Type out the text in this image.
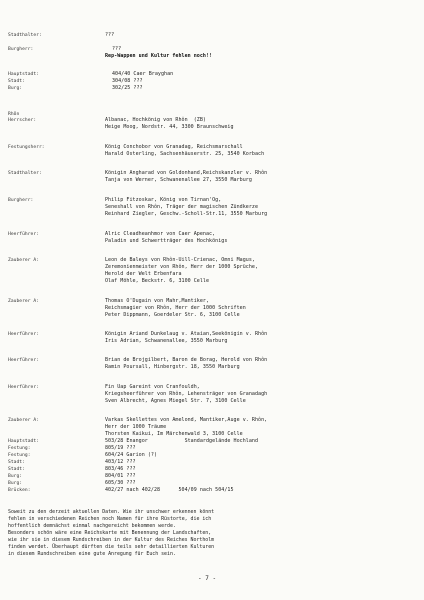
Stadthalter:	???
Burgherr:	???
Rep-Wappen und Kultur fehlen noch!!
Hauptstadt:	404/40 Caer Brayghan
Stadt:	304/08 ???
Burg:	302/25 ???
Rhôn
Herrscher:	Albanac, Hochkönig von Rhôn  (ZB)
Heige Moog, Nordstr. 44, 3300 Braunschweig
Festungsherr:	König Conchobor von Granadag, Reichsmarschall
Harald Osterling, Sachsenhäuserstr. 25, 3540 Korbach
Stadthalter:	Königin Angharad von Goldonhand,Reichskanzler v. Rhôn
Tanja von Werner, Schwanenallee 27, 3550 Marburg
Burgherr:	Philip Fitzoskar, König von Tirnan'Og,
Seneshall von Rhôn, Träger der magischen Zündkerze
Reinhard Ziegler, Geschw.-Scholl-Str.11, 3550 Marburg
Heerführer:	Alric Cleadheanhmor von Caer Apenac,
Paladin und Schwertträger des Hochkönigs
Zauberer A:	Leon de Baleys von Rhôn-Uill-Crienac, Omni Magus,
Zeremonienmeister von Rhôn, Herr der 1000 Sprüche,
Herold der Welt Erbenfara
Olaf Möhle, Beckstr. 6, 3100 Celle
Zauberer A:	Thomas O'Dugain von Mahr,Mantiker,
Reichsmagier von Rhôn, Herr der 1000 Schriften
Peter Dippmann, Goerdeler Str. 6, 3100 Celle
Heerführer:	Königin Ariand Dunkelaug v. Ataian,Seekönigin v. Rhôn
Iris Adrian, Schwanenallee, 3550 Marburg
Heerführer:	Brian de Brojgilbert, Baron de Borag, Herold von Rhôn
Ramin Poursall, Hinbergstr. 18, 3550 Marburg
Heerführer:	Fin Uap Gareint von Cranfouldh,
Kriegsheerführer von Rhôn, Lehensträger von Granadagh
Sven Albrecht, Agnes Miegel Str. 7, 3100 Celle
Zauberer A:	Varkas Skellettes von Amelond, Mantiker,Auge v. Rhôn,
Herr der 1000 Träume
Thorsten Kaikui, Im Märchenwald 3, 3100 Celle
Hauptstadt:	503/28 Enangor            Standardgelände Hochland
Festung:	805/19 ???
Festung:	604/24 Garion (?)
Stadt:	403/12 ???
Stadt:	803/46 ???
Burg:	804/01 ???
Burg:	605/30 ???
Brücken:	402/27 nach 402/28      504/09 nach 504/15
Soweit zu den derzeit aktuellen Daten. Wie ihr unschwer erkennen könnt
fehlen in verschiedenen Reichen noch Namen für ihre Rüstorte, die ich
hoffentlich demnächst einmal nachgereicht bekommen werde.
Besonders schön wäre eine Reichskarte mit Benennung der Landschaften,
wie ihr sie in diesem Rundschreiben in der Kultur des Reiches Northolm
finden werdet. Überhaupt dürften die teils sehr detaillierten Kulturen
in diesem Rundschreiben eine gute Anregung für Euch sein.
- 7 -
